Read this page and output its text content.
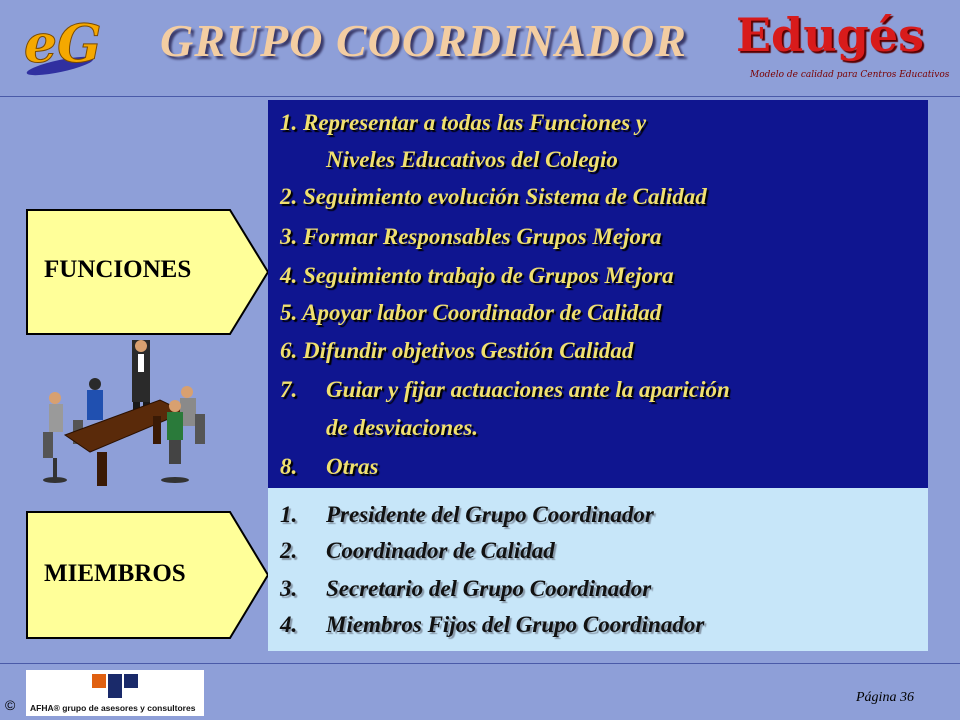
eG GRUPO COORDINADOR Edugés
Modelo de calidad para Centros Educativos
FUNCIONES
MIEMBROS
1. Representar a todas las Funciones y
Niveles Educativos del Colegio
2. Seguimiento evolución Sistema de Calidad
3. Formar Responsables Grupos Mejora
4. Seguimiento trabajo de Grupos Mejora
5. Apoyar labor Coordinador de Calidad
6. Difundir objetivos Gestión Calidad
7. Guiar y fijar actuaciones ante la aparición
de desviaciones.
8. Otras
1. Presidente del Grupo Coordinador
2. Coordinador de Calidad
3. Secretario del Grupo Coordinador
4. Miembros Fijos del Grupo Coordinador
AFHA® grupo de asesores y consultores
©	Página 36
